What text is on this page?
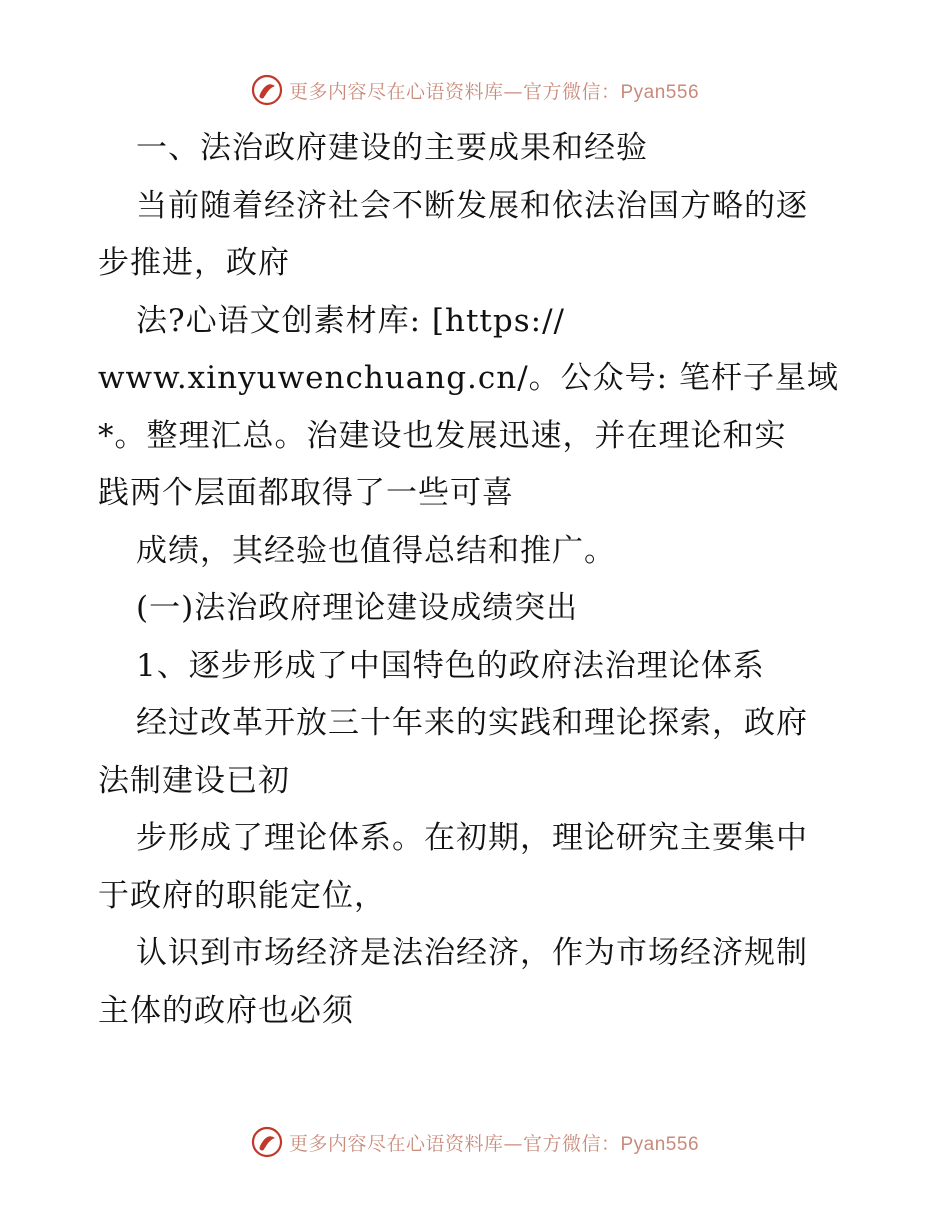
更多内容尽在心语资料库—官方微信：Pyan556
一、法治政府建设的主要成果和经验
当前随着经济社会不断发展和依法治国方略的逐
步推进，政府
法?心语文创素材库: [https://
www.xinyuwenchuang.cn/。公众号: 笔杆子星域
*。整理汇总。治建设也发展迅速，并在理论和实
践两个层面都取得了一些可喜
成绩，其经验也值得总结和推广。
(一)法治政府理论建设成绩突出
1、逐步形成了中国特色的政府法治理论体系
经过改革开放三十年来的实践和理论探索，政府
法制建设已初
步形成了理论体系。在初期，理论研究主要集中
于政府的职能定位，
认识到市场经济是法治经济，作为市场经济规制
主体的政府也必须
更多内容尽在心语资料库—官方微信：Pyan556
